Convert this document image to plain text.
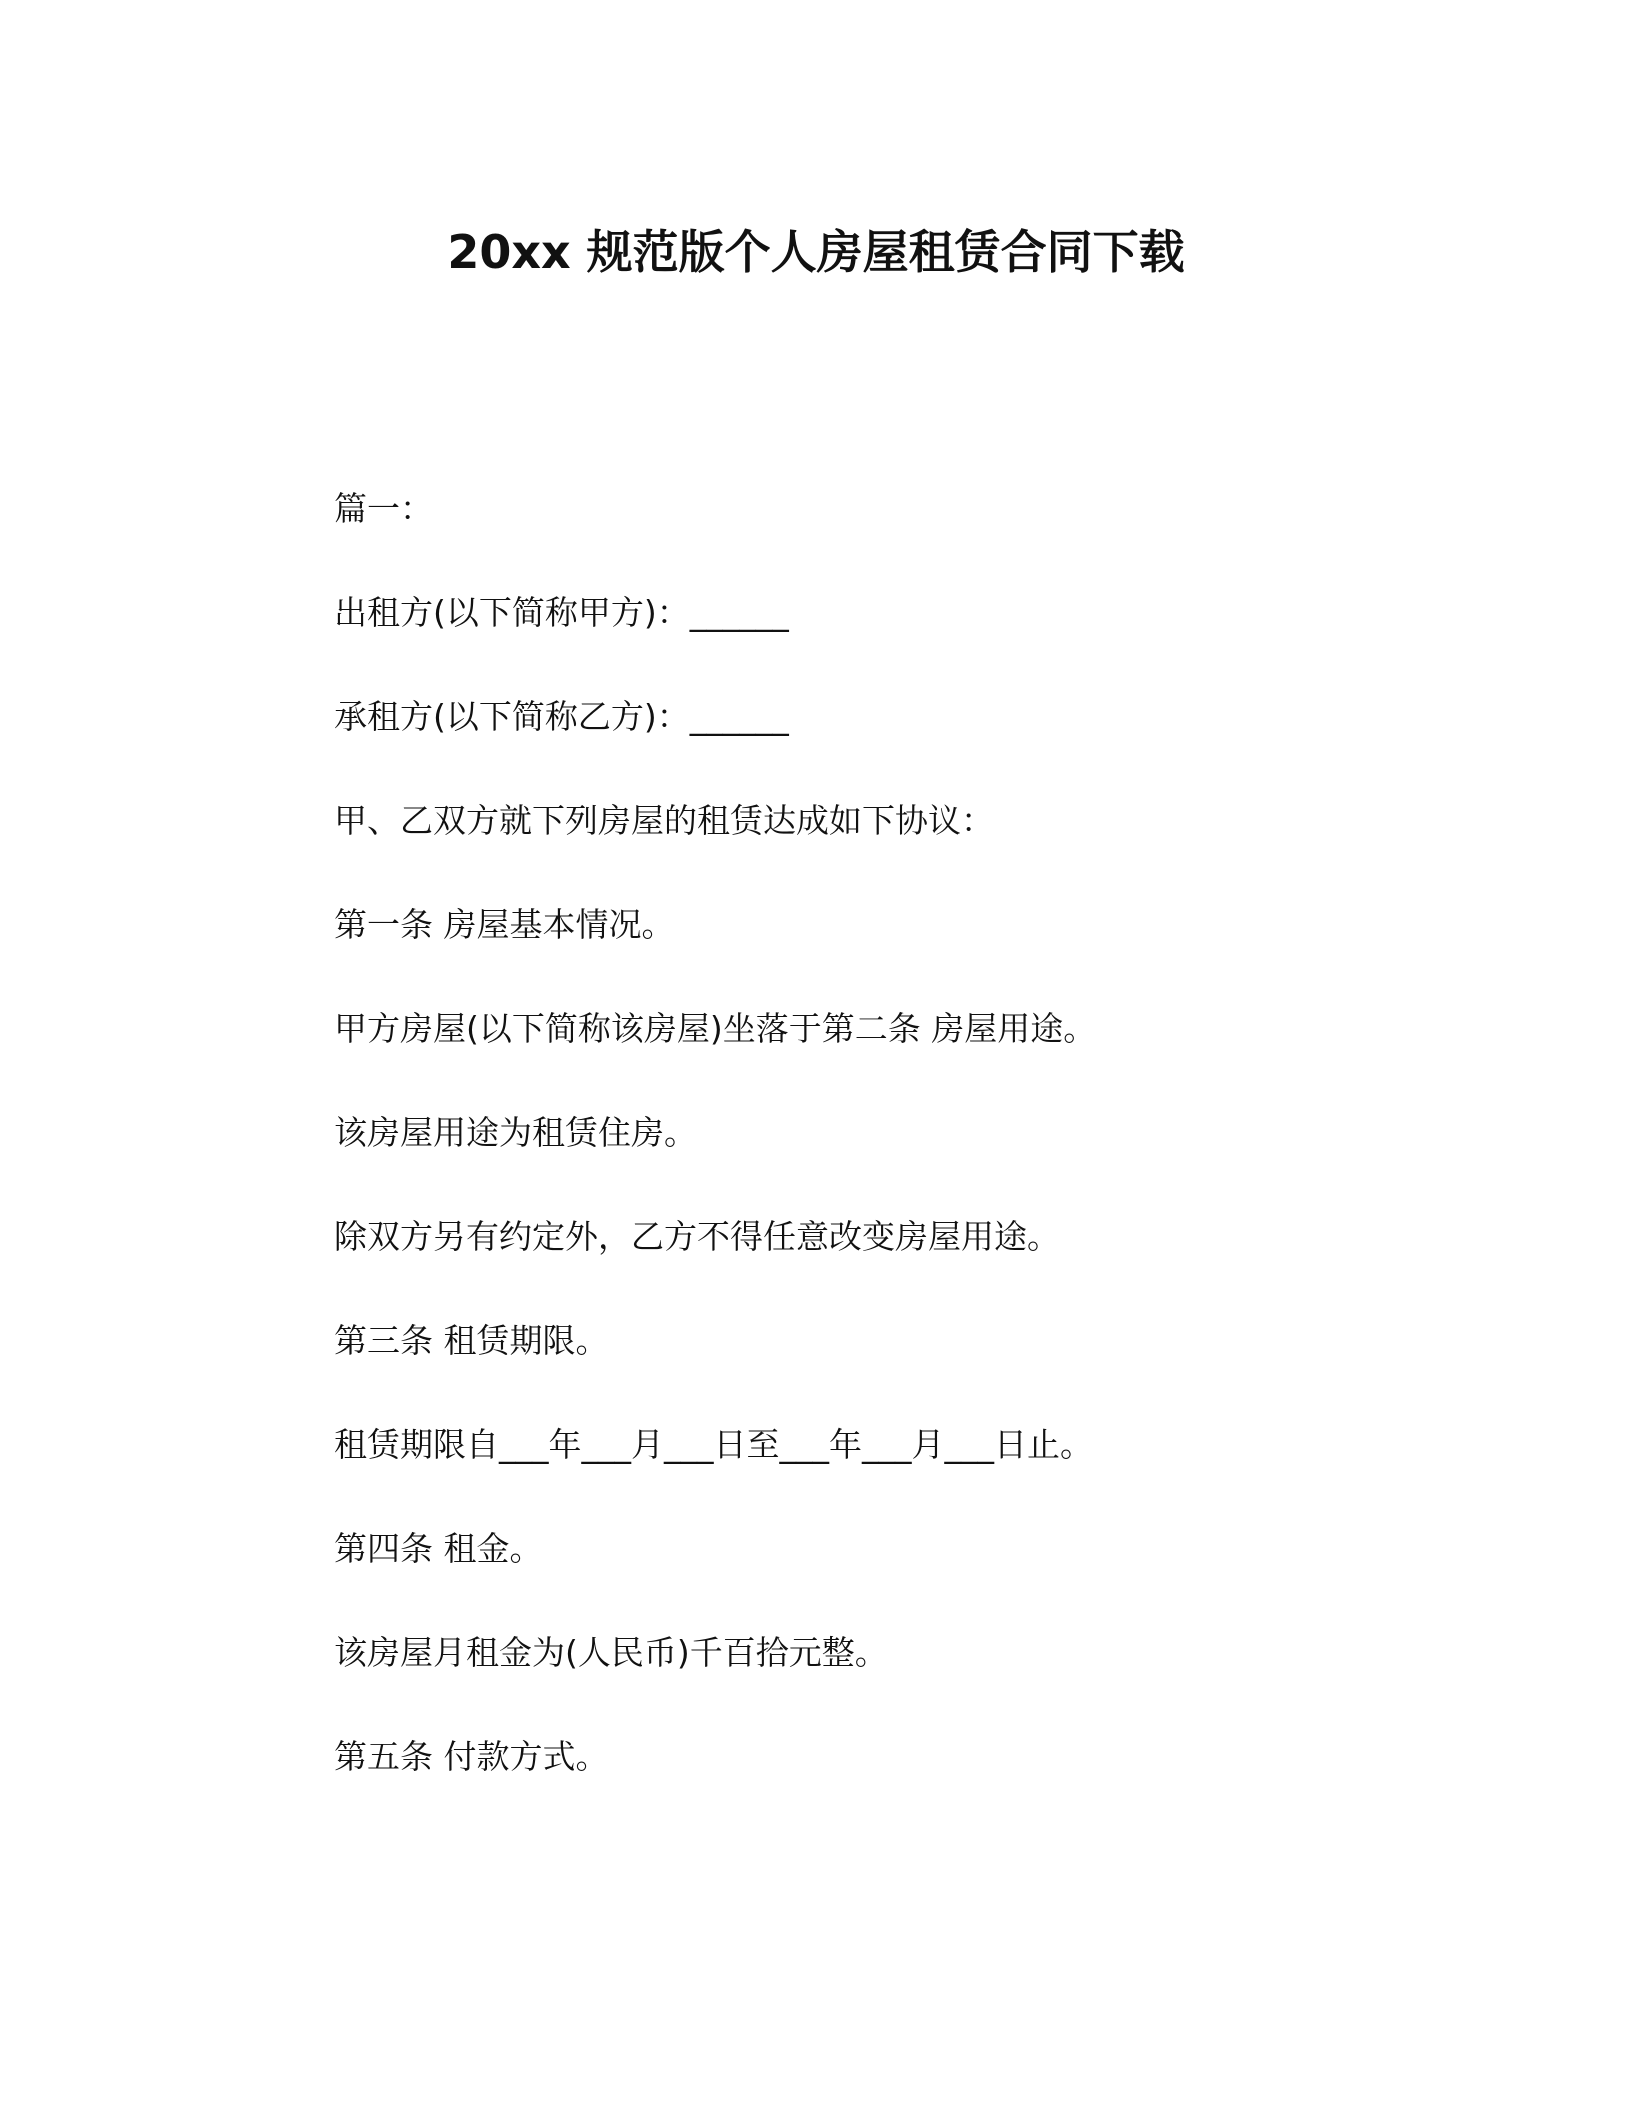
20xx 规范版个人房屋租赁合同下载

篇一：

出租方(以下简称甲方)：______

承租方(以下简称乙方)：______

甲、乙双方就下列房屋的租赁达成如下协议：

第一条 房屋基本情况。

甲方房屋(以下简称该房屋)坐落于第二条 房屋用途。

该房屋用途为租赁住房。

除双方另有约定外，乙方不得任意改变房屋用途。

第三条 租赁期限。

租赁期限自___年___月___日至___年___月___日止。

第四条 租金。

该房屋月租金为(人民币)千百拾元整。

第五条 付款方式。
